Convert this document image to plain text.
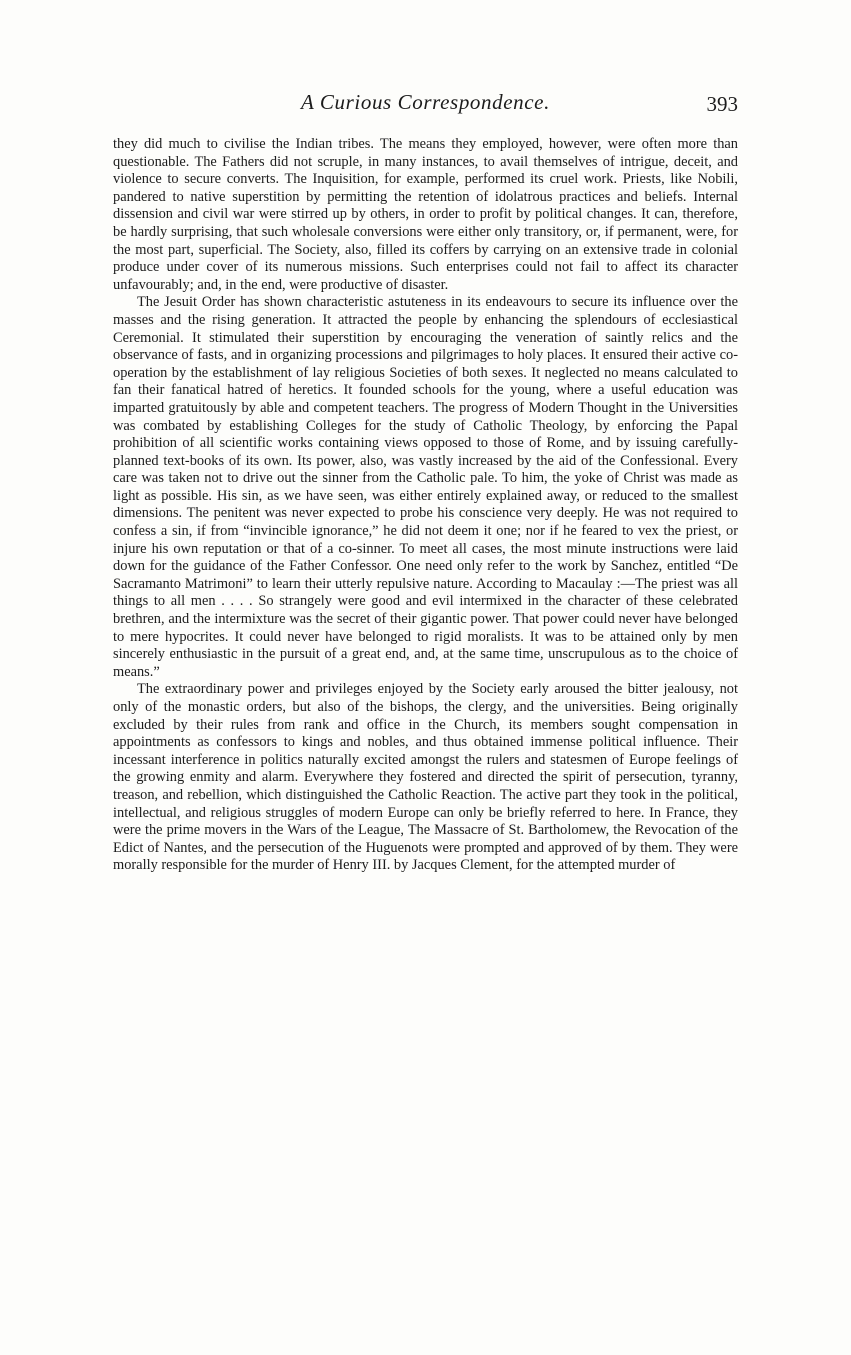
A Curious Correspondence.	393

they did much to civilise the Indian tribes. The means they employed, however, were often more than questionable. The Fathers did not scruple, in many instances, to avail themselves of intrigue, deceit, and violence to secure converts. The Inquisition, for example, performed its cruel work. Priests, like Nobili, pandered to native superstition by permitting the retention of idolatrous practices and beliefs. Internal dissension and civil war were stirred up by others, in order to profit by political changes. It can, therefore, be hardly surprising, that such wholesale conversions were either only transitory, or, if permanent, were, for the most part, superficial. The Society, also, filled its coffers by carrying on an extensive trade in colonial produce under cover of its numerous missions. Such enterprises could not fail to affect its character unfavourably; and, in the end, were productive of disaster.

The Jesuit Order has shown characteristic astuteness in its endeavours to secure its influence over the masses and the rising generation. It attracted the people by enhancing the splendours of ecclesiastical Ceremonial. It stimulated their superstition by encouraging the veneration of saintly relics and the observance of fasts, and in organizing processions and pilgrimages to holy places. It ensured their active co-operation by the establishment of lay religious Societies of both sexes. It neglected no means calculated to fan their fanatical hatred of heretics. It founded schools for the young, where a useful education was imparted gratuitously by able and competent teachers. The progress of Modern Thought in the Universities was combated by establishing Colleges for the study of Catholic Theology, by enforcing the Papal prohibition of all scientific works containing views opposed to those of Rome, and by issuing carefully-planned text-books of its own. Its power, also, was vastly increased by the aid of the Confessional. Every care was taken not to drive out the sinner from the Catholic pale. To him, the yoke of Christ was made as light as possible. His sin, as we have seen, was either entirely explained away, or reduced to the smallest dimensions. The penitent was never expected to probe his conscience very deeply. He was not required to confess a sin, if from “invincible ignorance,” he did not deem it one; nor if he feared to vex the priest, or injure his own reputation or that of a co-sinner. To meet all cases, the most minute instructions were laid down for the guidance of the Father Confessor. One need only refer to the work by Sanchez, entitled “De Sacramanto Matrimoni” to learn their utterly repulsive nature. According to Macaulay :—The priest was all things to all men . . . . So strangely were good and evil intermixed in the character of these celebrated brethren, and the intermixture was the secret of their gigantic power. That power could never have belonged to mere hypocrites. It could never have belonged to rigid moralists. It was to be attained only by men sincerely enthusiastic in the pursuit of a great end, and, at the same time, unscrupulous as to the choice of means.”

The extraordinary power and privileges enjoyed by the Society early aroused the bitter jealousy, not only of the monastic orders, but also of the bishops, the clergy, and the universities. Being originally excluded by their rules from rank and office in the Church, its members sought compensation in appointments as confessors to kings and nobles, and thus obtained immense political influence. Their incessant interference in politics naturally excited amongst the rulers and statesmen of Europe feelings of the growing enmity and alarm. Everywhere they fostered and directed the spirit of persecution, tyranny, treason, and rebellion, which distinguished the Catholic Reaction. The active part they took in the political, intellectual, and religious struggles of modern Europe can only be briefly referred to here. In France, they were the prime movers in the Wars of the League, The Massacre of St. Bartholomew, the Revocation of the Edict of Nantes, and the persecution of the Huguenots were prompted and approved of by them. They were morally responsible for the murder of Henry III. by Jacques Clement, for the attempted murder of
